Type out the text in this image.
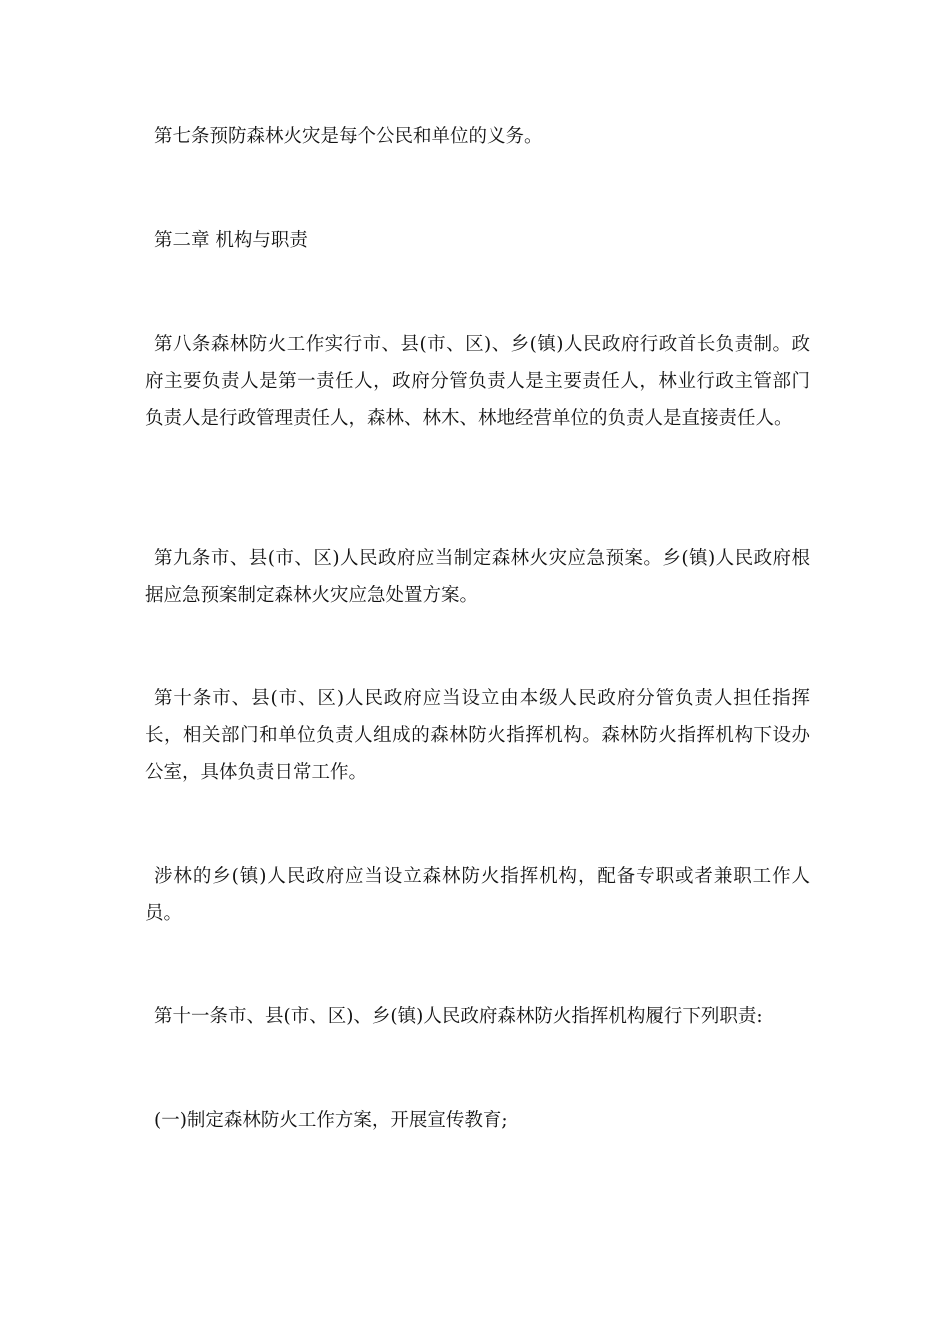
第七条预防森林火灾是每个公民和单位的义务。

第二章 机构与职责

第八条森林防火工作实行市、县(市、区)、乡(镇)人民政府行政首长负责制。政府主要负责人是第一责任人，政府分管负责人是主要责任人，林业行政主管部门负责人是行政管理责任人，森林、林木、林地经营单位的负责人是直接责任人。

第九条市、县(市、区)人民政府应当制定森林火灾应急预案。乡(镇)人民政府根据应急预案制定森林火灾应急处置方案。

第十条市、县(市、区)人民政府应当设立由本级人民政府分管负责人担任指挥长，相关部门和单位负责人组成的森林防火指挥机构。森林防火指挥机构下设办公室，具体负责日常工作。

涉林的乡(镇)人民政府应当设立森林防火指挥机构，配备专职或者兼职工作人员。

第十一条市、县(市、区)、乡(镇)人民政府森林防火指挥机构履行下列职责:

(一)制定森林防火工作方案，开展宣传教育;
